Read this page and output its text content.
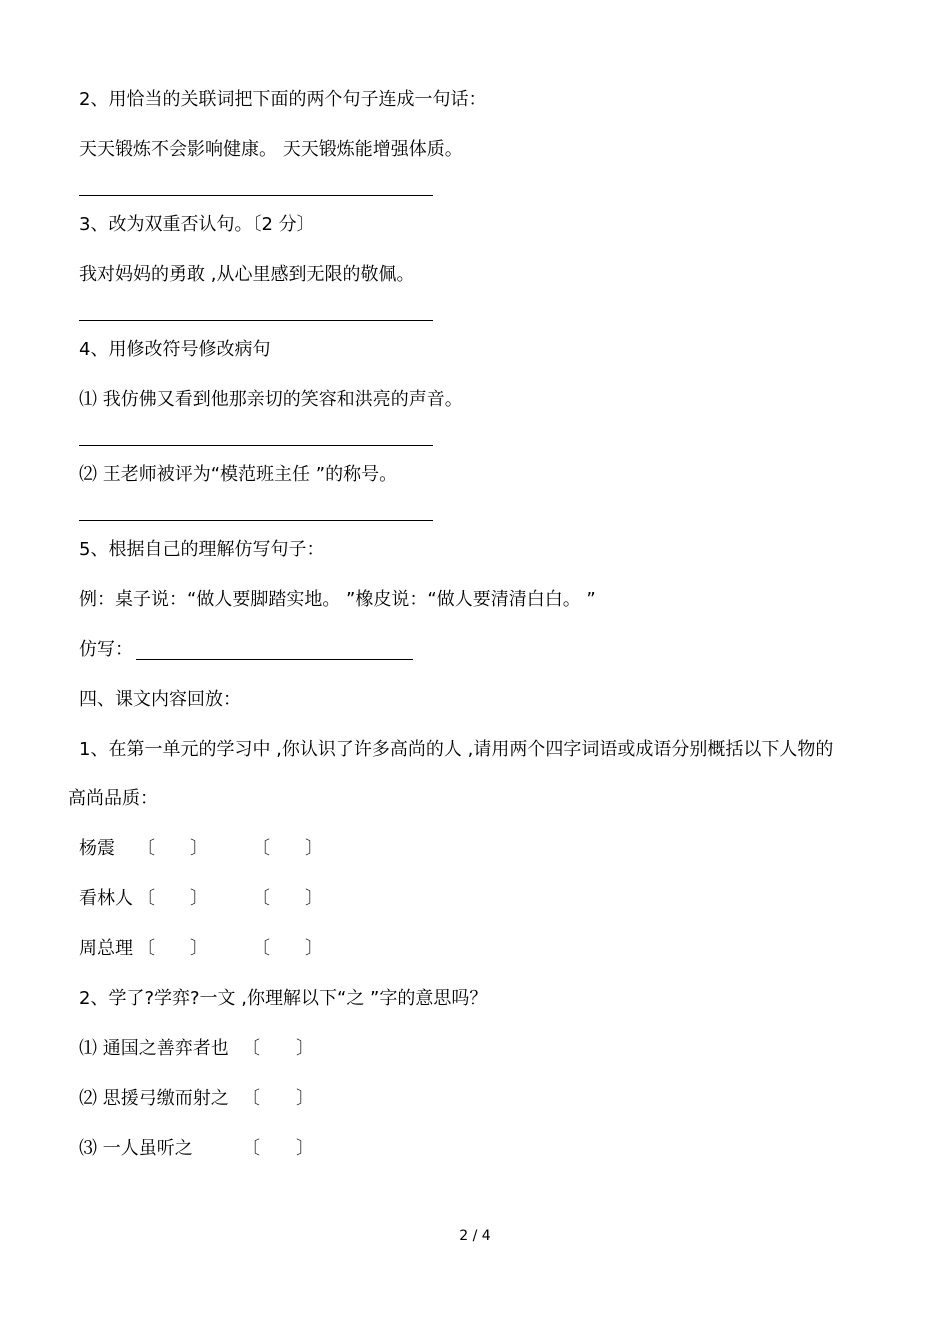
2、用恰当的关联词把下面的两个句子连成一句话：
天天锻炼不会影响健康。 天天锻炼能增强体质。
3、改为双重否认句。〔2 分〕
我对妈妈的勇敢 ,从心里感到无限的敬佩。
4、用修改符号修改病句
⑴ 我仿佛又看到他那亲切的笑容和洪亮的声音。
⑵ 王老师被评为“模范班主任 ”的称号。
5、根据自己的理解仿写句子：
例：桌子说：“做人要脚踏实地。 ”橡皮说：“做人要清清白白。 ”
仿写：
四、课文内容回放：
1、在第一单元的学习中 ,你认识了许多高尚的人 ,请用两个四字词语或成语分别概括以下人物的
高尚品质：
杨震 〔 〕 〔 〕
看林人 〔 〕 〔 〕
周总理 〔 〕 〔 〕
2、学了?学弈?一文 ,你理解以下“之 ”字的意思吗？
⑴ 通国之善弈者也 〔 〕
⑵ 思援弓缴而射之 〔 〕
⑶ 一人虽听之	〔 〕
2 / 4
